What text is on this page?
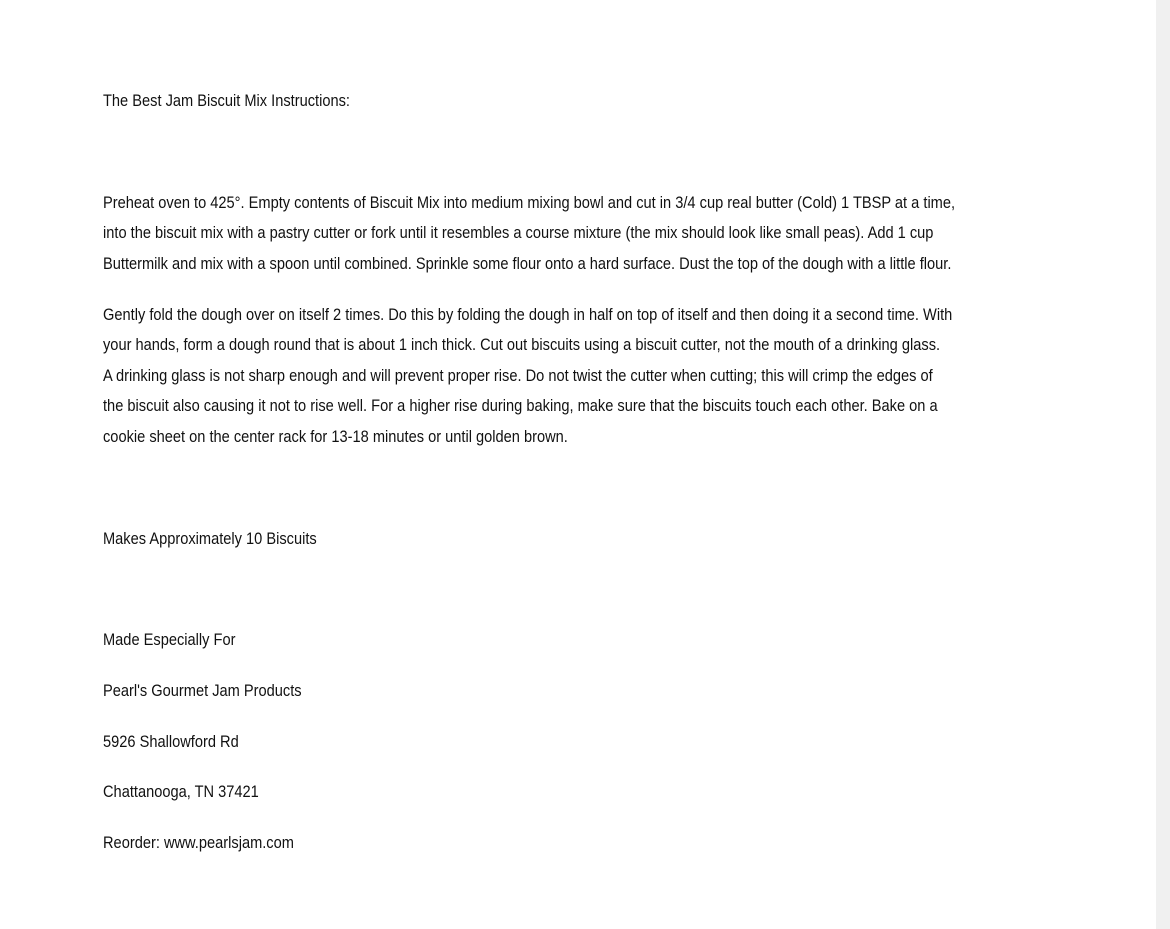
The Best Jam Biscuit Mix Instructions:
Preheat oven to 425°. Empty contents of Biscuit Mix into medium mixing bowl and cut in 3/4 cup real butter (Cold) 1 TBSP at a time,
into the biscuit mix with a pastry cutter or fork until it resembles a course mixture (the mix should look like small peas). Add 1 cup
Buttermilk and mix with a spoon until combined. Sprinkle some flour onto a hard surface. Dust the top of the dough with a little flour.
Gently fold the dough over on itself 2 times. Do this by folding the dough in half on top of itself and then doing it a second time. With
your hands, form a dough round that is about 1 inch thick. Cut out biscuits using a biscuit cutter, not the mouth of a drinking glass.
A drinking glass is not sharp enough and will prevent proper rise. Do not twist the cutter when cutting; this will crimp the edges of
the biscuit also causing it not to rise well. For a higher rise during baking, make sure that the biscuits touch each other. Bake on a
cookie sheet on the center rack for 13-18 minutes or until golden brown.
Makes Approximately 10 Biscuits
Made Especially For
Pearl's Gourmet Jam Products
5926 Shallowford Rd
Chattanooga, TN 37421
Reorder: www.pearlsjam.com
